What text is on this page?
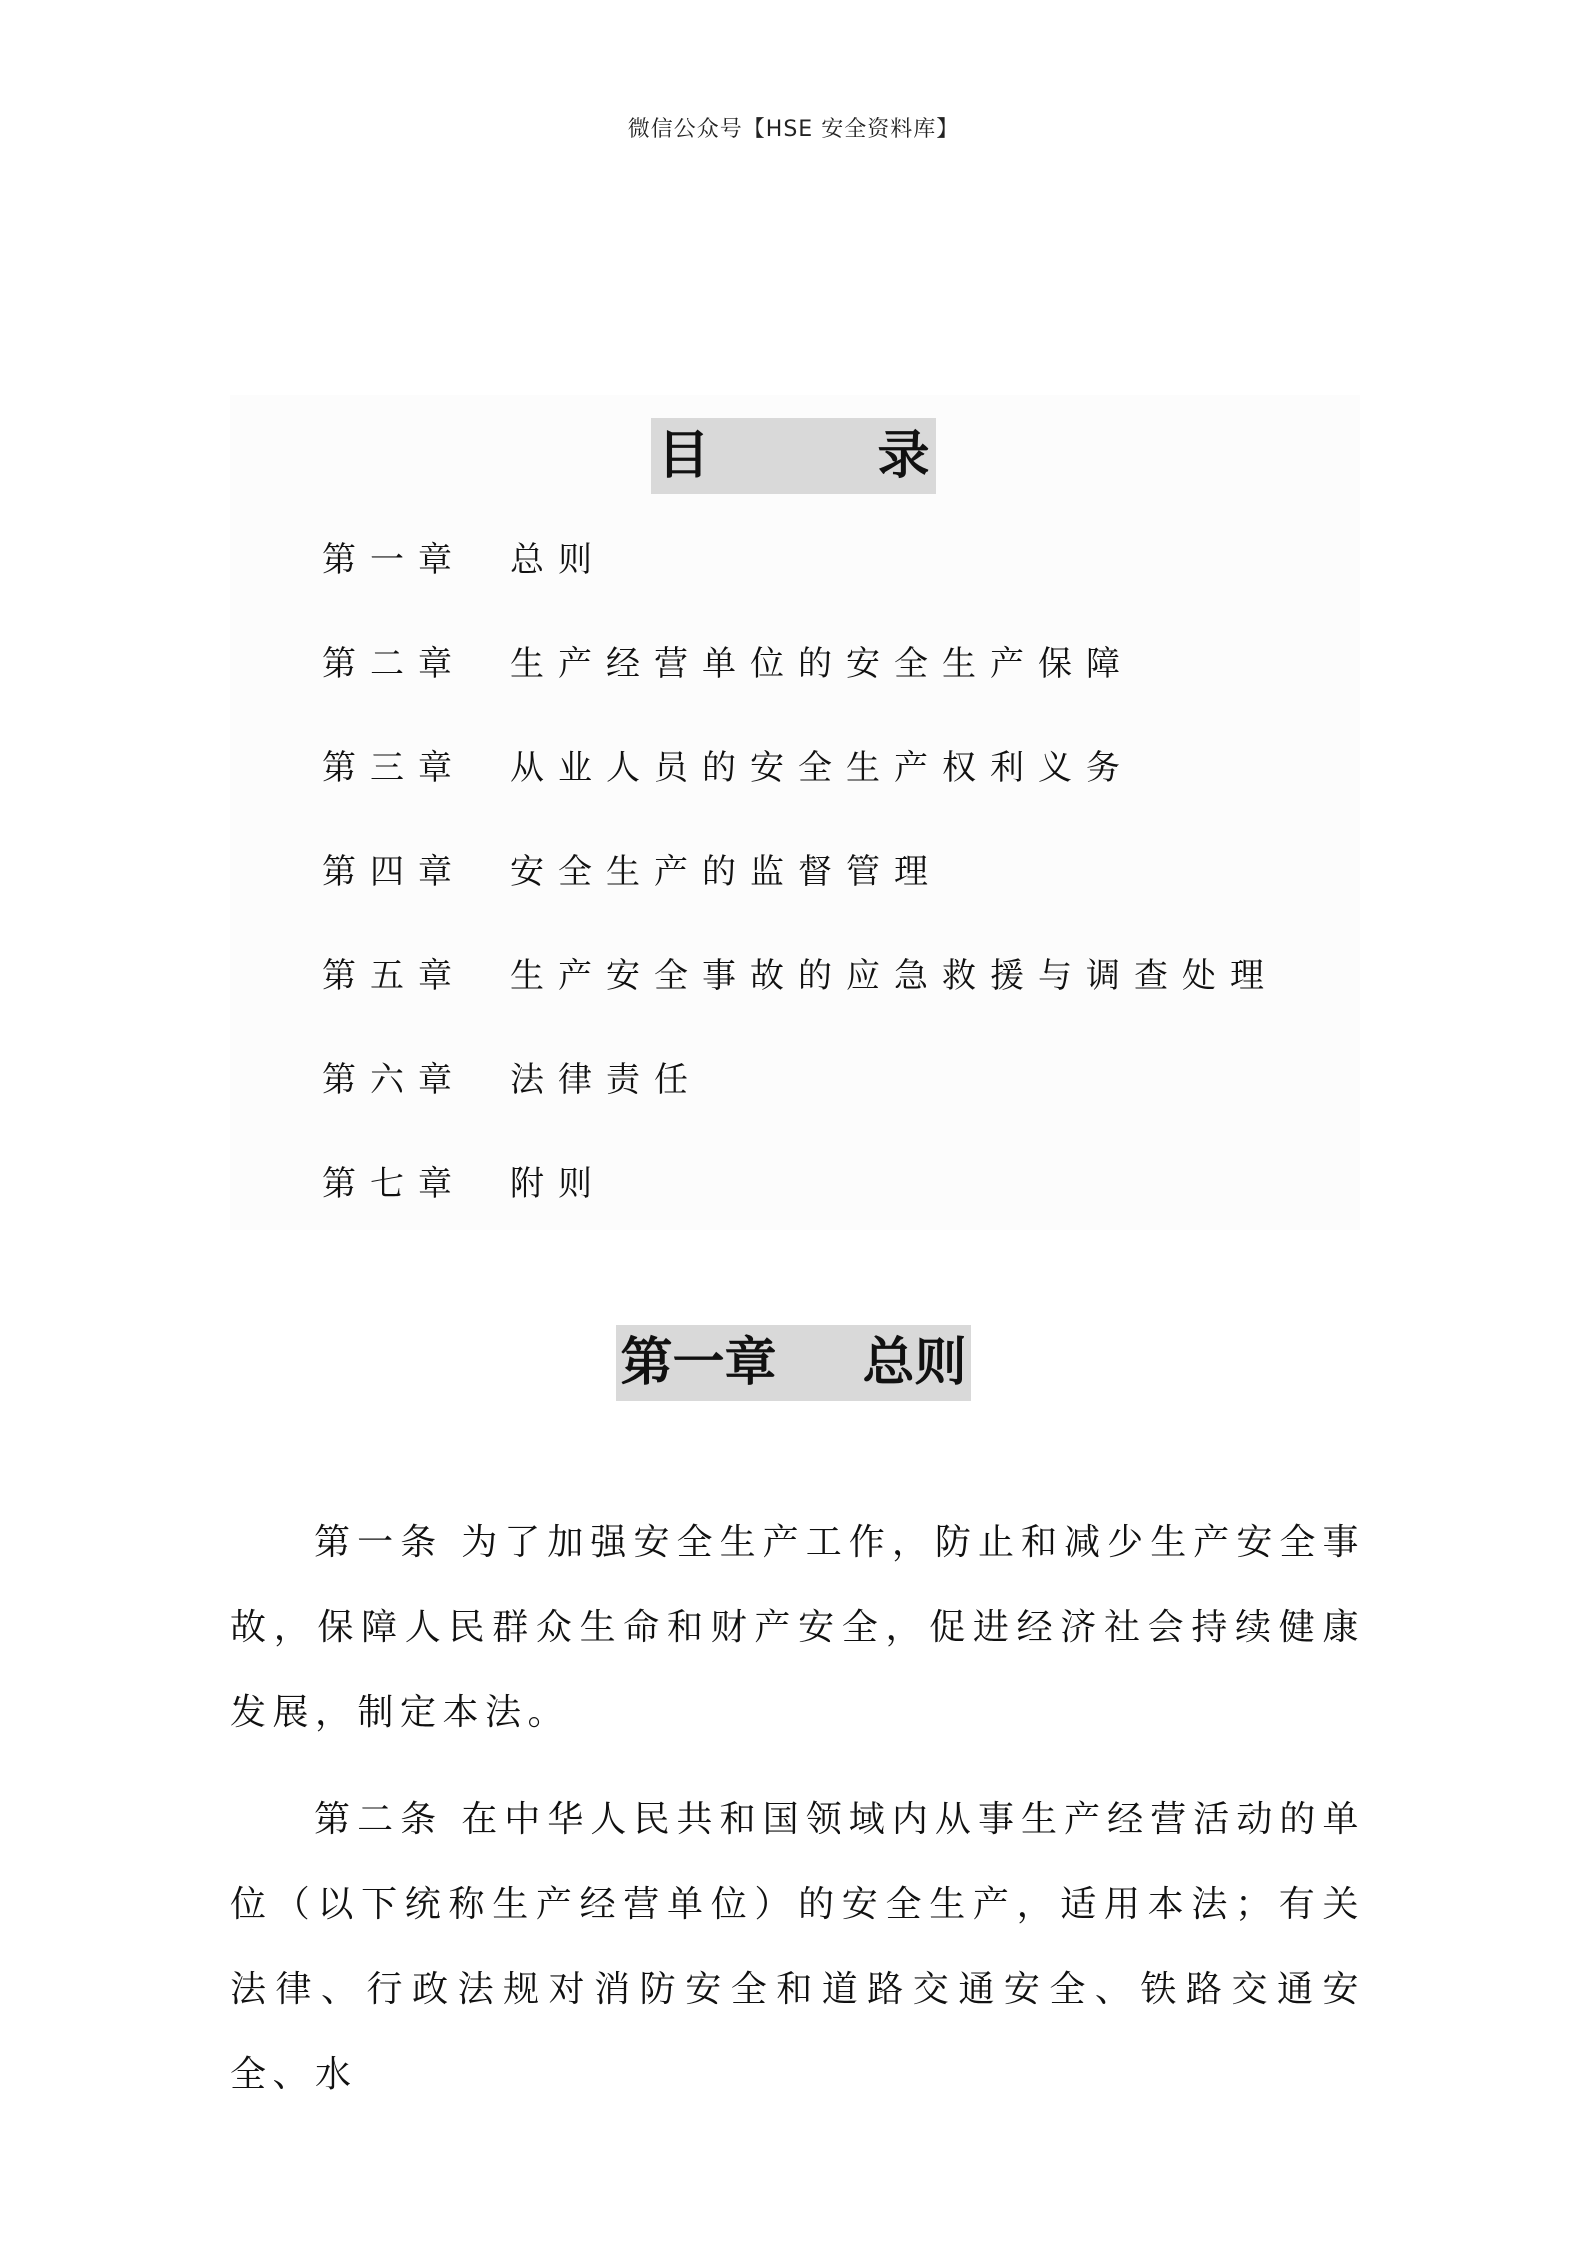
微信公众号【HSE 安全资料库】
目 录
第一章	总则
第二章	生产经营单位的安全生产保障
第三章	从业人员的安全生产权利义务
第四章	安全生产的监督管理
第五章	生产安全事故的应急救援与调查处理
第六章	法律责任
第七章	附则
第一章 总则

第一条 为了加强安全生产工作，防止和减少生产安全事故，保障人民群众生命和财产安全，促进经济社会持续健康发展，制定本法。

第二条 在中华人民共和国领域内从事生产经营活动的单位（以下统称生产经营单位）的安全生产，适用本法；有关法律、行政法规对消防安全和道路交通安全、铁路交通安全、水
